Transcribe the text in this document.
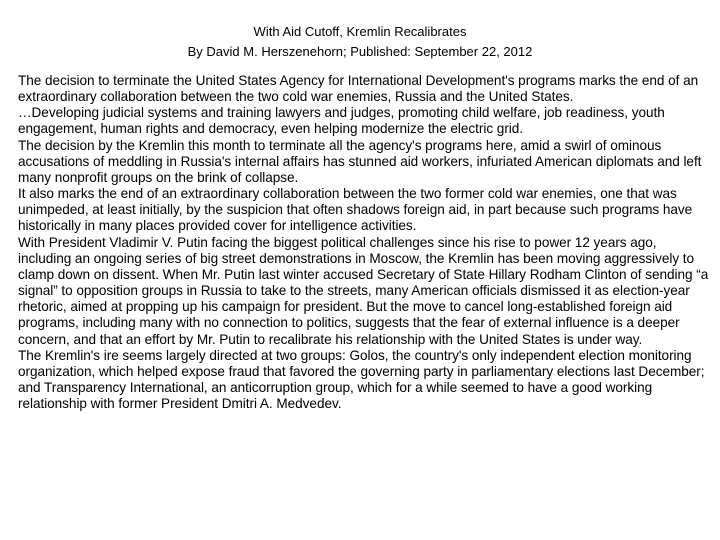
With Aid Cutoff, Kremlin Recalibrates
By David M. Herszenehorn; Published: September 22, 2012

The decision to terminate the United States Agency for International Development's programs marks the end of an extraordinary collaboration between the two cold war enemies, Russia and the United States.

…Developing judicial systems and training lawyers and judges, promoting child welfare, job readiness, youth engagement, human rights and democracy, even helping modernize the electric grid.

The decision by the Kremlin this month to terminate all the agency's programs here, amid a swirl of ominous accusations of meddling in Russia's internal affairs has stunned aid workers, infuriated American diplomats and left many nonprofit groups on the brink of collapse.

It also marks the end of an extraordinary collaboration between the two former cold war enemies, one that was unimpeded, at least initially, by the suspicion that often shadows foreign aid, in part because such programs have historically in many places provided cover for intelligence activities.

With President Vladimir V. Putin facing the biggest political challenges since his rise to power 12 years ago, including an ongoing series of big street demonstrations in Moscow, the Kremlin has been moving aggressively to clamp down on dissent. When Mr. Putin last winter accused Secretary of State Hillary Rodham Clinton of sending “a signal” to opposition groups in Russia to take to the streets, many American officials dismissed it as election-year rhetoric, aimed at propping up his campaign for president. But the move to cancel long-established foreign aid programs, including many with no connection to politics, suggests that the fear of external influence is a deeper concern, and that an effort by Mr. Putin to recalibrate his relationship with the United States is under way.

The Kremlin's ire seems largely directed at two groups: Golos, the country's only independent election monitoring organization, which helped expose fraud that favored the governing party in parliamentary elections last December; and Transparency International, an anticorruption group, which for a while seemed to have a good working relationship with former President Dmitri A. Medvedev.
